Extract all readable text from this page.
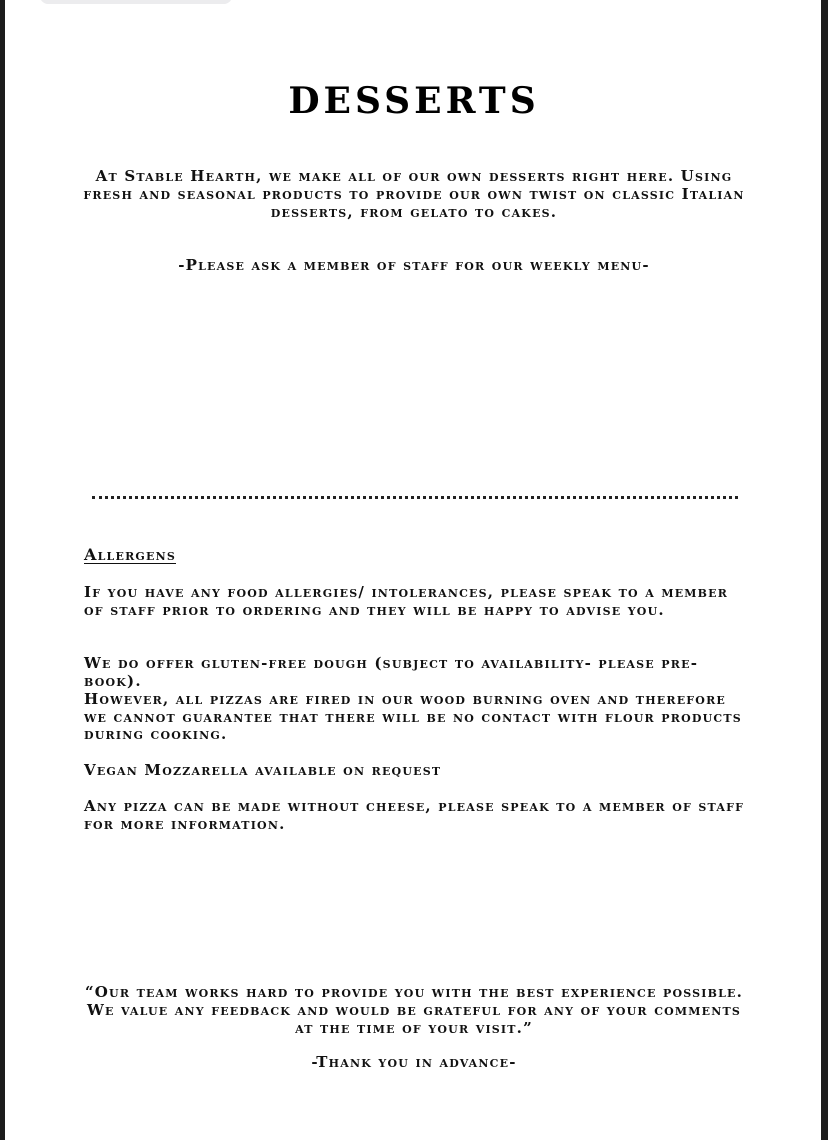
DESSERTS
At Stable Hearth, we make all of our own desserts right here. Using fresh and seasonal products to provide our own twist on classic Italian desserts, from gelato to cakes.
-Please ask a member of staff for our weekly menu-
Allergens
If you have any food allergies/ intolerances, please speak to a member of staff prior to ordering and they will be happy to advise you.
We do offer gluten-free dough (subject to availability- please pre-book).
However, all pizzas are fired in our wood burning oven and therefore we cannot guarantee that there will be no contact with flour products during cooking.
Vegan Mozzarella available on request
Any pizza can be made without cheese, please speak to a member of staff for more information.
“Our team works hard to provide you with the best experience possible. We value any feedback and would be grateful for any of your comments at the time of your visit.”
-Thank you in advance-
